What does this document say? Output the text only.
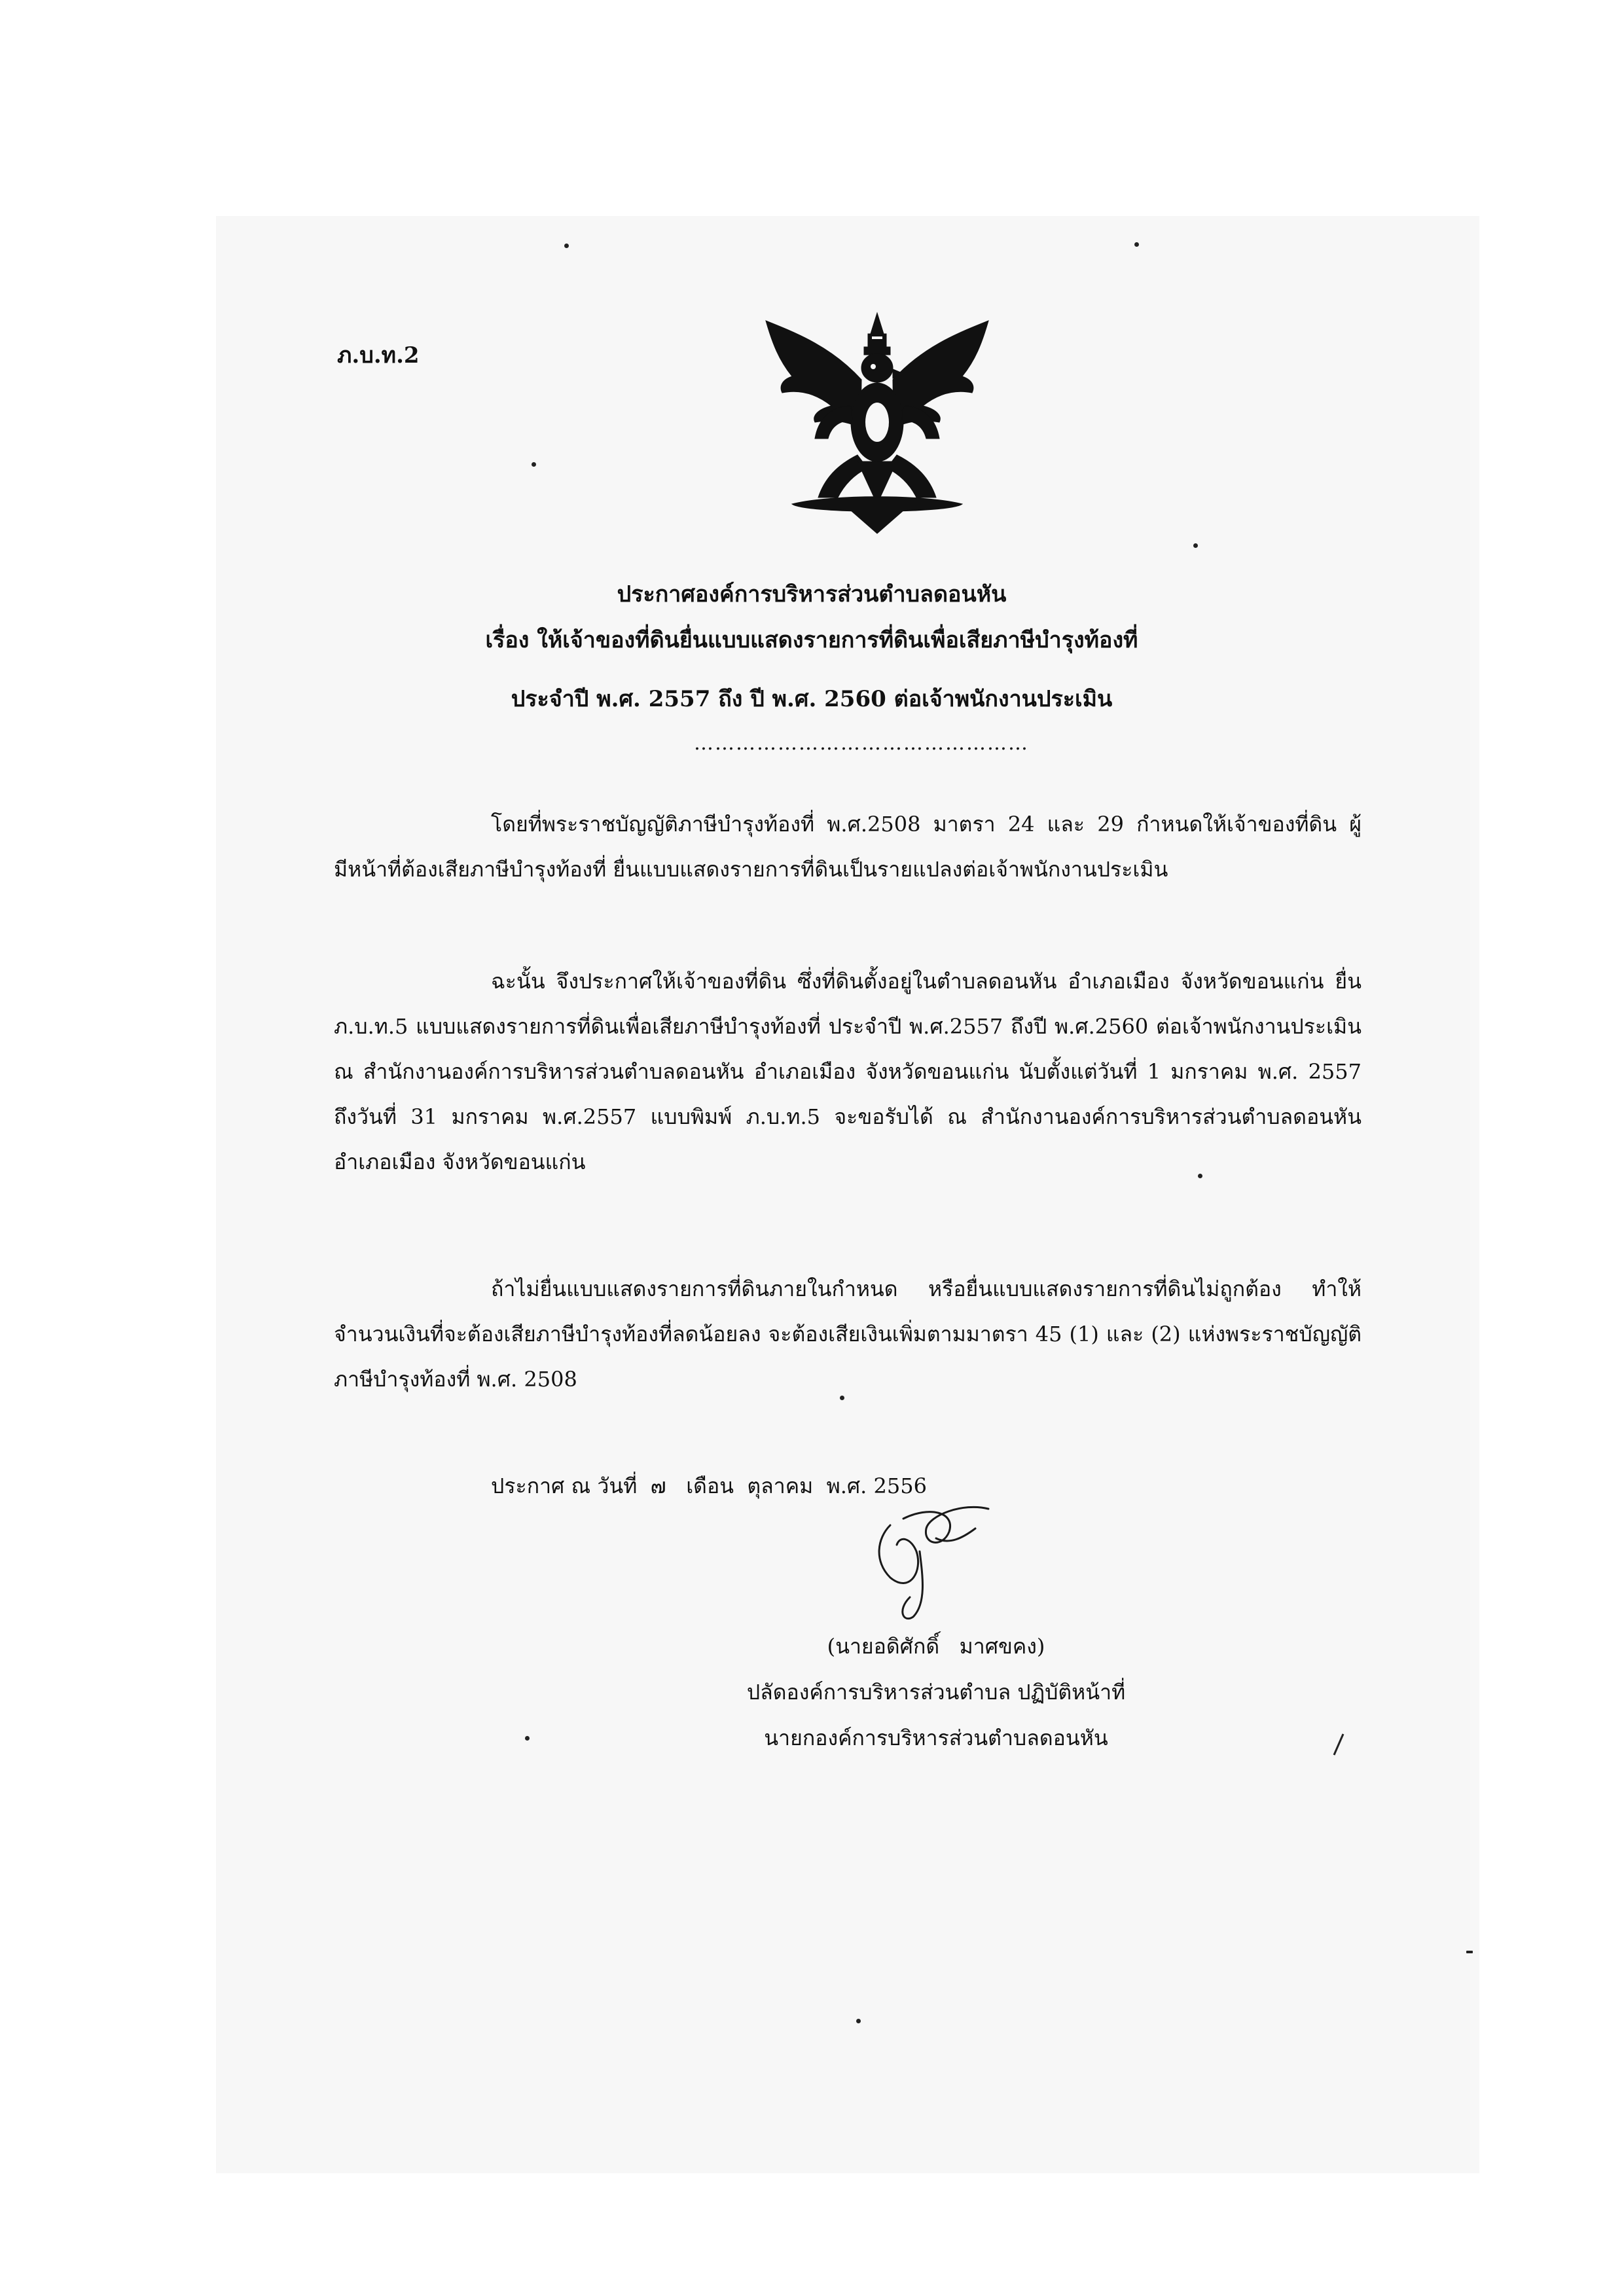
ภ.บ.ท.2
ประกาศองค์การบริหารส่วนตำบลดอนหัน
เรื่อง ให้เจ้าของที่ดินยื่นแบบแสดงรายการที่ดินเพื่อเสียภาษีบำรุงท้องที่
ประจำปี พ.ศ. 2557 ถึง ปี พ.ศ. 2560 ต่อเจ้าพนักงานประเมิน
…………………………………………
โดยที่พระราชบัญญัติภาษีบำรุงท้องที่ พ.ศ.2508 มาตรา 24 และ 29 กำหนดให้เจ้าของที่ดิน ผู้มีหน้าที่ต้องเสียภาษีบำรุงท้องที่ ยื่นแบบแสดงรายการที่ดินเป็นรายแปลงต่อเจ้าพนักงานประเมิน
ฉะนั้น จึงประกาศให้เจ้าของที่ดิน ซึ่งที่ดินตั้งอยู่ในตำบลดอนหัน อำเภอเมือง จังหวัดขอนแก่น ยื่น ภ.บ.ท.5 แบบแสดงรายการที่ดินเพื่อเสียภาษีบำรุงท้องที่ ประจำปี พ.ศ.2557 ถึงปี พ.ศ.2560 ต่อเจ้าพนักงานประเมิน ณ สำนักงานองค์การบริหารส่วนตำบลดอนหัน อำเภอเมือง จังหวัดขอนแก่น นับตั้งแต่วันที่ 1 มกราคม พ.ศ. 2557 ถึงวันที่ 31 มกราคม พ.ศ.2557 แบบพิมพ์ ภ.บ.ท.5 จะขอรับได้ ณ สำนักงานองค์การบริหารส่วนตำบลดอนหัน อำเภอเมือง จังหวัดขอนแก่น
ถ้าไม่ยื่นแบบแสดงรายการที่ดินภายในกำหนด หรือยื่นแบบแสดงรายการที่ดินไม่ถูกต้อง ทำให้จำนวนเงินที่จะต้องเสียภาษีบำรุงท้องที่ลดน้อยลง จะต้องเสียเงินเพิ่มตามมาตรา 45 (1) และ (2) แห่งพระราชบัญญัติภาษีบำรุงท้องที่ พ.ศ. 2508
ประกาศ ณ วันที่  ๗   เดือน  ตุลาคม  พ.ศ. 2556
(นายอดิศักดิ์   มาศขคง)
ปลัดองค์การบริหารส่วนตำบล ปฏิบัติหน้าที่
นายกองค์การบริหารส่วนตำบลดอนหัน
